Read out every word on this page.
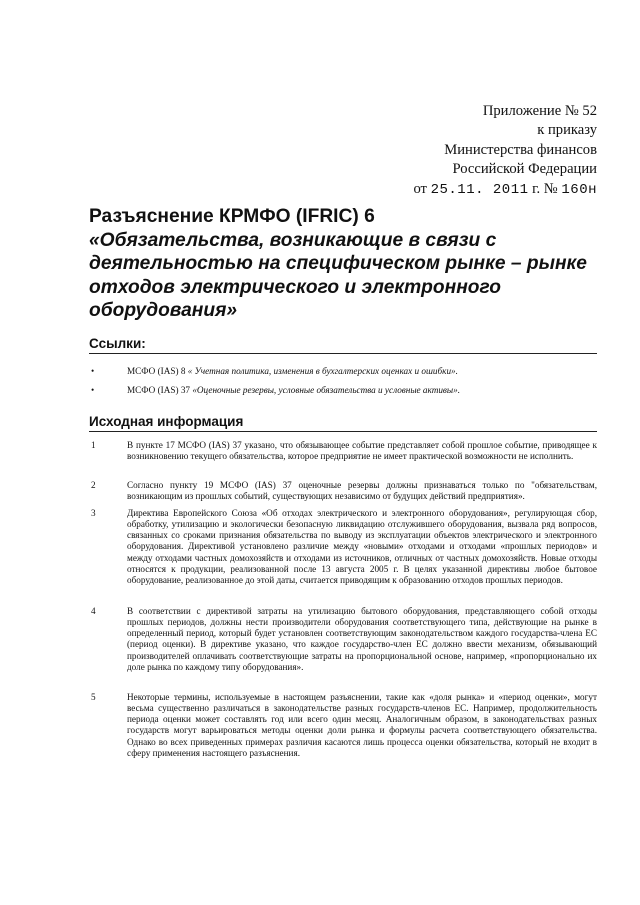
Приложение № 52
к приказу
Министерства финансов
Российской Федерации
от 25.11. 2011 г. № 160н
Разъяснение КРМФО (IFRIC) 6
«Обязательства, возникающие в связи с деятельностью на специфическом рынке – рынке отходов электрического и электронного оборудования»
Ссылки:
•	МСФО (IAS) 8 « Учетная политика, изменения в бухгалтерских оценках и ошибки».
•	МСФО (IAS) 37 «Оценочные резервы, условные обязательства и условные активы».
Исходная информация
1	В пункте 17 МСФО (IAS) 37 указано, что обязывающее событие представляет собой прошлое событие, приводящее к возникновению текущего обязательства, которое предприятие не имеет практической возможности не исполнить.
2	Согласно пункту 19 МСФО (IAS) 37 оценочные резервы должны признаваться только по "обязательствам, возникающим из прошлых событий, существующих независимо от будущих действий предприятия».
3	Директива Европейского Союза «Об отходах электрического и электронного оборудования», регулирующая сбор, обработку, утилизацию и экологически безопасную ликвидацию отслужившего оборудования, вызвала ряд вопросов, связанных со сроками признания обязательства по выводу из эксплуатации объектов электрического и электронного оборудования. Директивой установлено различие между «новыми» отходами и отходами «прошлых периодов» и между отходами частных домохозяйств и отходами из источников, отличных от частных домохозяйств. Новые отходы относятся к продукции, реализованной после 13 августа 2005 г. В целях указанной директивы любое бытовое оборудование, реализованное до этой даты, считается приводящим к образованию отходов прошлых периодов.
4	В соответствии с директивой затраты на утилизацию бытового оборудования, представляющего собой отходы прошлых периодов, должны нести производители оборудования соответствующего типа, действующие на рынке в определенный период, который будет установлен соответствующим законодательством каждого государства-члена ЕС (период оценки). В директиве указано, что каждое государство-член ЕС должно ввести механизм, обязывающий производителей оплачивать соответствующие затраты на пропорциональной основе, например, «пропорционально их доле рынка по каждому типу оборудования».
5	Некоторые термины, используемые в настоящем разъяснении, такие как «доля рынка» и «период оценки», могут весьма существенно различаться в законодательстве разных государств-членов ЕС. Например, продолжительность периода оценки может составлять год или всего один месяц. Аналогичным образом, в законодательствах разных государств могут варьироваться методы оценки доли рынка и формулы расчета соответствующего обязательства. Однако во всех приведенных примерах различия касаются лишь процесса оценки обязательства, который не входит в сферу применения настоящего разъяснения.
